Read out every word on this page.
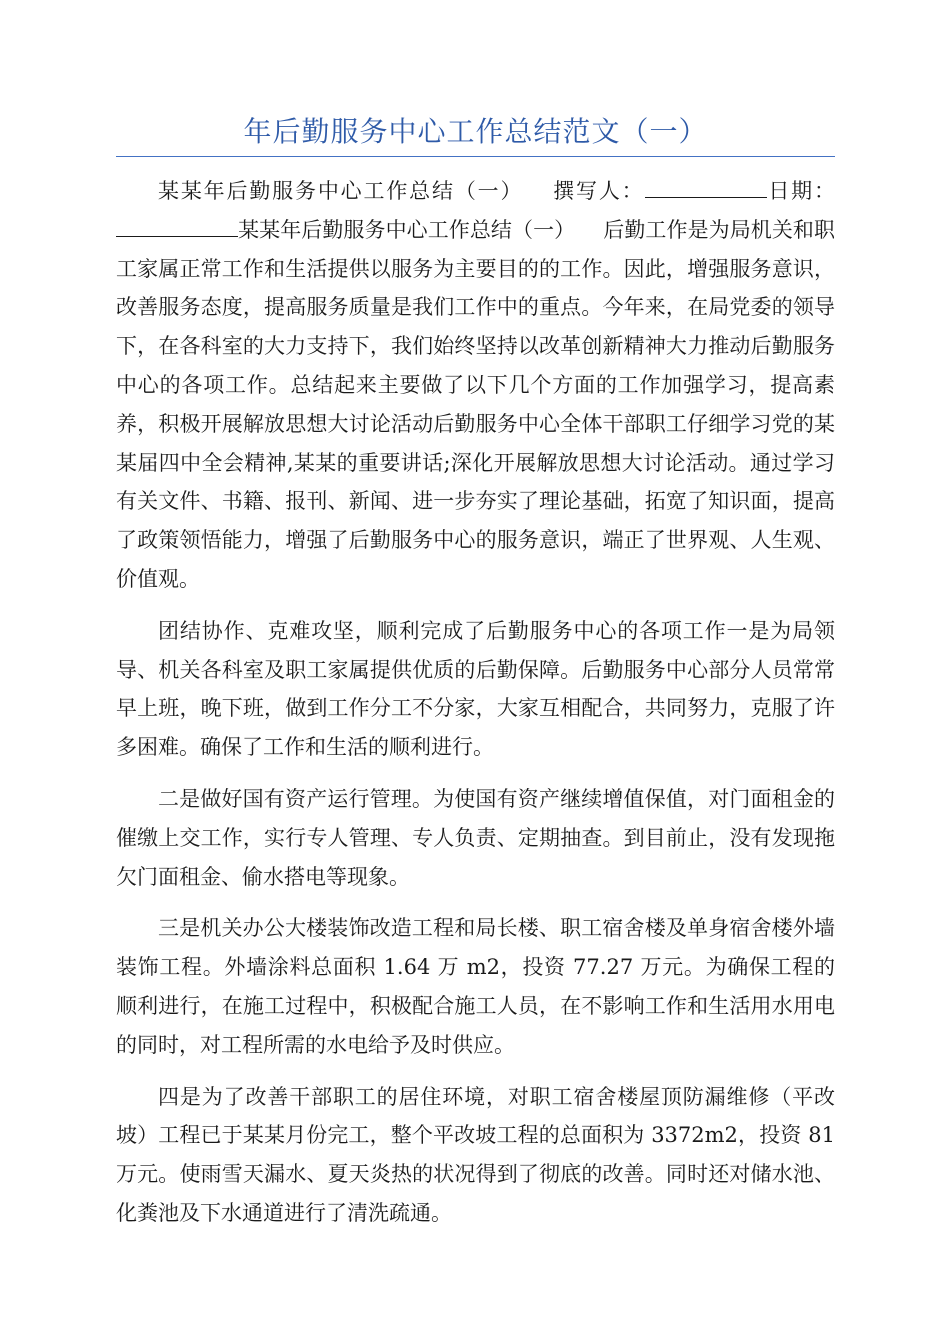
年后勤服务中心工作总结范文（一）

某某年后勤服务中心工作总结（一） 撰写人：	日期：某某年后勤服务中心工作总结（一） 后勤工作是为局机关和职工家属正常工作和生活提供以服务为主要目的的工作。因此，增强服务意识，改善服务态度，提高服务质量是我们工作中的重点。今年来，在局党委的领导下，在各科室的大力支持下，我们始终坚持以改革创新精神大力推动后勤服务中心的各项工作。总结起来主要做了以下几个方面的工作加强学习，提高素养，积极开展解放思想大讨论活动后勤服务中心全体干部职工仔细学习党的某某届四中全会精神,某某的重要讲话;深化开展解放思想大讨论活动。通过学习有关文件、书籍、报刊、新闻、进一步夯实了理论基础，拓宽了知识面，提高了政策领悟能力，增强了后勤服务中心的服务意识，端正了世界观、人生观、价值观。

团结协作、克难攻坚，顺利完成了后勤服务中心的各项工作一是为局领导、机关各科室及职工家属提供优质的后勤保障。后勤服务中心部分人员常常早上班，晚下班，做到工作分工不分家，大家互相配合，共同努力，克服了许多困难。确保了工作和生活的顺利进行。

二是做好国有资产运行管理。为使国有资产继续增值保值，对门面租金的催缴上交工作，实行专人管理、专人负责、定期抽查。到目前止，没有发现拖欠门面租金、偷水搭电等现象。

三是机关办公大楼装饰改造工程和局长楼、职工宿舍楼及单身宿舍楼外墙装饰工程。外墙涂料总面积 1.64 万 m2，投资 77.27 万元。为确保工程的顺利进行，在施工过程中，积极配合施工人员，在不影响工作和生活用水用电的同时，对工程所需的水电给予及时供应。

四是为了改善干部职工的居住环境，对职工宿舍楼屋顶防漏维修（平改坡）工程已于某某月份完工，整个平改坡工程的总面积为 3372m2，投资 81 万元。使雨雪天漏水、夏天炎热的状况得到了彻底的改善。同时还对储水池、化粪池及下水通道进行了清洗疏通。
